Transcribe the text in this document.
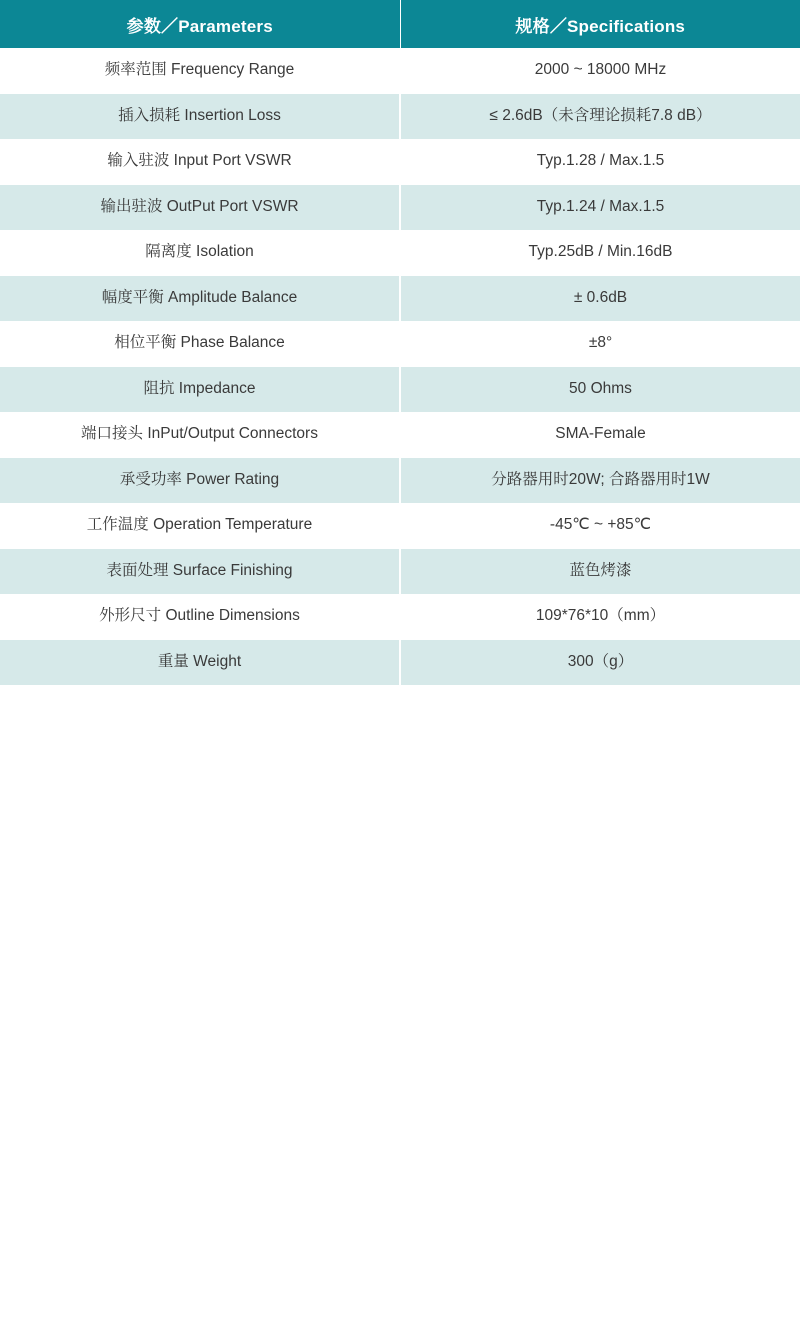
参数／Parameters	规格／Specifications
频率范围 Frequency Range	2000 ~ 18000 MHz
插入损耗 Insertion Loss	≤ 2.6dB（未含理论损耗7.8 dB）
输入驻波 Input Port VSWR	Typ.1.28 / Max.1.5
输出驻波 OutPut Port VSWR	Typ.1.24 / Max.1.5
隔离度 Isolation	Typ.25dB / Min.16dB
幅度平衡 Amplitude Balance	± 0.6dB
相位平衡 Phase Balance	±8°
阻抗 Impedance	50 Ohms
端口接头 InPut/Output Connectors	SMA-Female
承受功率 Power Rating	分路器用时20W; 合路器用时1W
工作温度 Operation Temperature	-45℃ ~ +85℃
表面处理 Surface Finishing	蓝色烤漆
外形尺寸 Outline Dimensions	109*76*10（mm）
重量 Weight	300（g）
